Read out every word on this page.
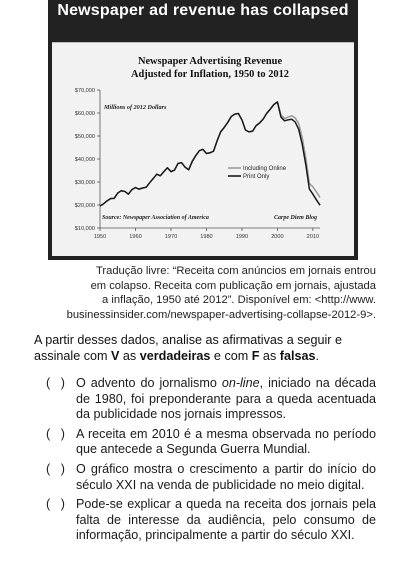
Newspaper ad revenue has collapsed
Newspaper Advertising Revenue
Adjusted for Inflation, 1950 to 2012
$10,000
$20,000
$30,000
$40,000
$50,000
$60,000
$70,000
1950	1960	1970	1980	1990	2000	2010
Millions of 2012 Dollars
Source: Newspaper Association of America	Carpe Diem Blog
Including Online
Print Only
Tradução livre: “Receita com anúncios em jornais entrou
em colapso. Receita com publicação em jornais, ajustada
a inflação, 1950 até 2012”. Disponível em: <http://www.
businessinsider.com/newspaper-advertising-collapse-2012-9>.
A partir desses dados, analise as afirmativas a seguir e assinale com V as verdadeiras e com F as falsas.
(   ) O advento do jornalismo on-line, iniciado na década de 1980, foi preponderante para a queda acentuada da publicidade nos jornais impressos.
(   ) A receita em 2010 é a mesma observada no período que antecede a Segunda Guerra Mundial.
(   ) O gráfico mostra o crescimento a partir do início do século XXI na venda de publicidade no meio digital.
(   ) Pode-se explicar a queda na receita dos jornais pela falta de interesse da audiência, pelo consumo de informação, principalmente a partir do século XXI.
